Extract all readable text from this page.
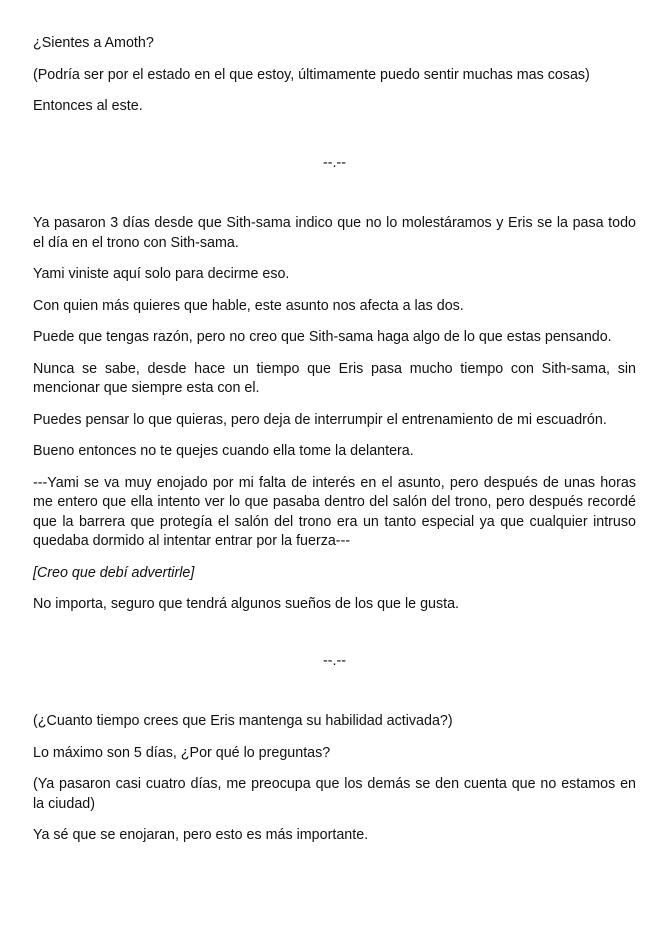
¿Sientes a Amoth?

(Podría ser por el estado en el que estoy, últimamente puedo sentir muchas mas cosas)

Entonces al este.

--.--

Ya pasaron 3 días desde que Sith-sama indico que no lo molestáramos y Eris se la pasa todo el día en el trono con Sith-sama.

Yami viniste aquí solo para decirme eso.

Con quien más quieres que hable, este asunto nos afecta a las dos.

Puede que tengas razón, pero no creo que Sith-sama haga algo de lo que estas pensando.

Nunca se sabe, desde hace un tiempo que Eris pasa mucho tiempo con Sith-sama, sin mencionar que siempre esta con el.

Puedes pensar lo que quieras, pero deja de interrumpir el entrenamiento de mi escuadrón.

Bueno entonces no te quejes cuando ella tome la delantera.

---Yami se va muy enojado por mi falta de interés en el asunto, pero después de unas horas me entero que ella intento ver lo que pasaba dentro del salón del trono, pero después recordé que la barrera que protegía el salón del trono era un tanto especial ya que cualquier intruso quedaba dormido al intentar entrar por la fuerza---

[Creo que debí advertirle]

No importa, seguro que tendrá algunos sueños de los que le gusta.

--.--

(¿Cuanto tiempo crees que Eris mantenga su habilidad activada?)

Lo máximo son 5 días, ¿Por qué lo preguntas?

(Ya pasaron casi cuatro días, me preocupa que los demás se den cuenta que no estamos en la ciudad)

Ya sé que se enojaran, pero esto es más importante.
